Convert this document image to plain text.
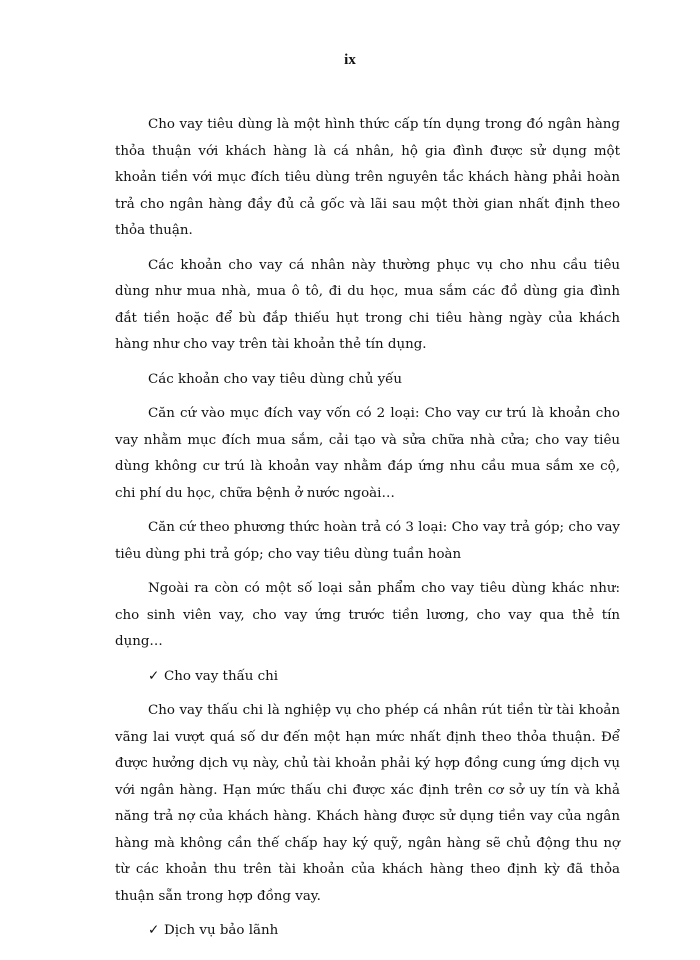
ix

Cho vay tiêu dùng là một hình thức cấp tín dụng trong đó ngân hàng thỏa thuận với khách hàng là cá nhân, hộ gia đình được sử dụng một khoản tiền với mục đích tiêu dùng trên nguyên tắc khách hàng phải hoàn trả cho ngân hàng đầy đủ cả gốc và lãi sau một thời gian nhất định theo thỏa thuận.

Các khoản cho vay cá nhân này thường phục vụ cho nhu cầu tiêu dùng như mua nhà, mua ô tô, đi du học, mua sắm các đồ dùng gia đình đắt tiền hoặc để bù đắp thiếu hụt trong chi tiêu hàng ngày của khách hàng như cho vay trên tài khoản thẻ tín dụng.

Các khoản cho vay tiêu dùng chủ yếu

Căn cứ vào mục đích vay vốn có 2 loại: Cho vay cư trú là khoản cho vay nhằm mục đích mua sắm, cải tạo và sửa chữa nhà cửa; cho vay tiêu dùng không cư trú là khoản vay nhằm đáp ứng nhu cầu mua sắm xe cộ, chi phí du học, chữa bệnh ở nước ngoài…

Căn cứ theo phương thức hoàn trả có 3 loại: Cho vay trả góp; cho vay tiêu dùng phi trả góp; cho vay tiêu dùng tuần hoàn

Ngoài ra còn có một số loại sản phẩm cho vay tiêu dùng khác như: cho sinh viên vay, cho vay ứng trước tiền lương, cho vay qua thẻ tín dụng…

✓ Cho vay thấu chi

Cho vay thấu chi là nghiệp vụ cho phép cá nhân rút tiền từ tài khoản vãng lai vượt quá số dư đến một hạn mức nhất định theo thỏa thuận. Để được hưởng dịch vụ này, chủ tài khoản phải ký hợp đồng cung ứng dịch vụ với ngân hàng. Hạn mức thấu chi được xác định trên cơ sở uy tín và khả năng trả nợ của khách hàng. Khách hàng được sử dụng tiền vay của ngân hàng mà không cần thế chấp hay ký quỹ, ngân hàng sẽ chủ động thu nợ từ các khoản thu trên tài khoản của khách hàng theo định kỳ đã thỏa thuận sẵn trong hợp đồng vay.

✓ Dịch vụ bảo lãnh
